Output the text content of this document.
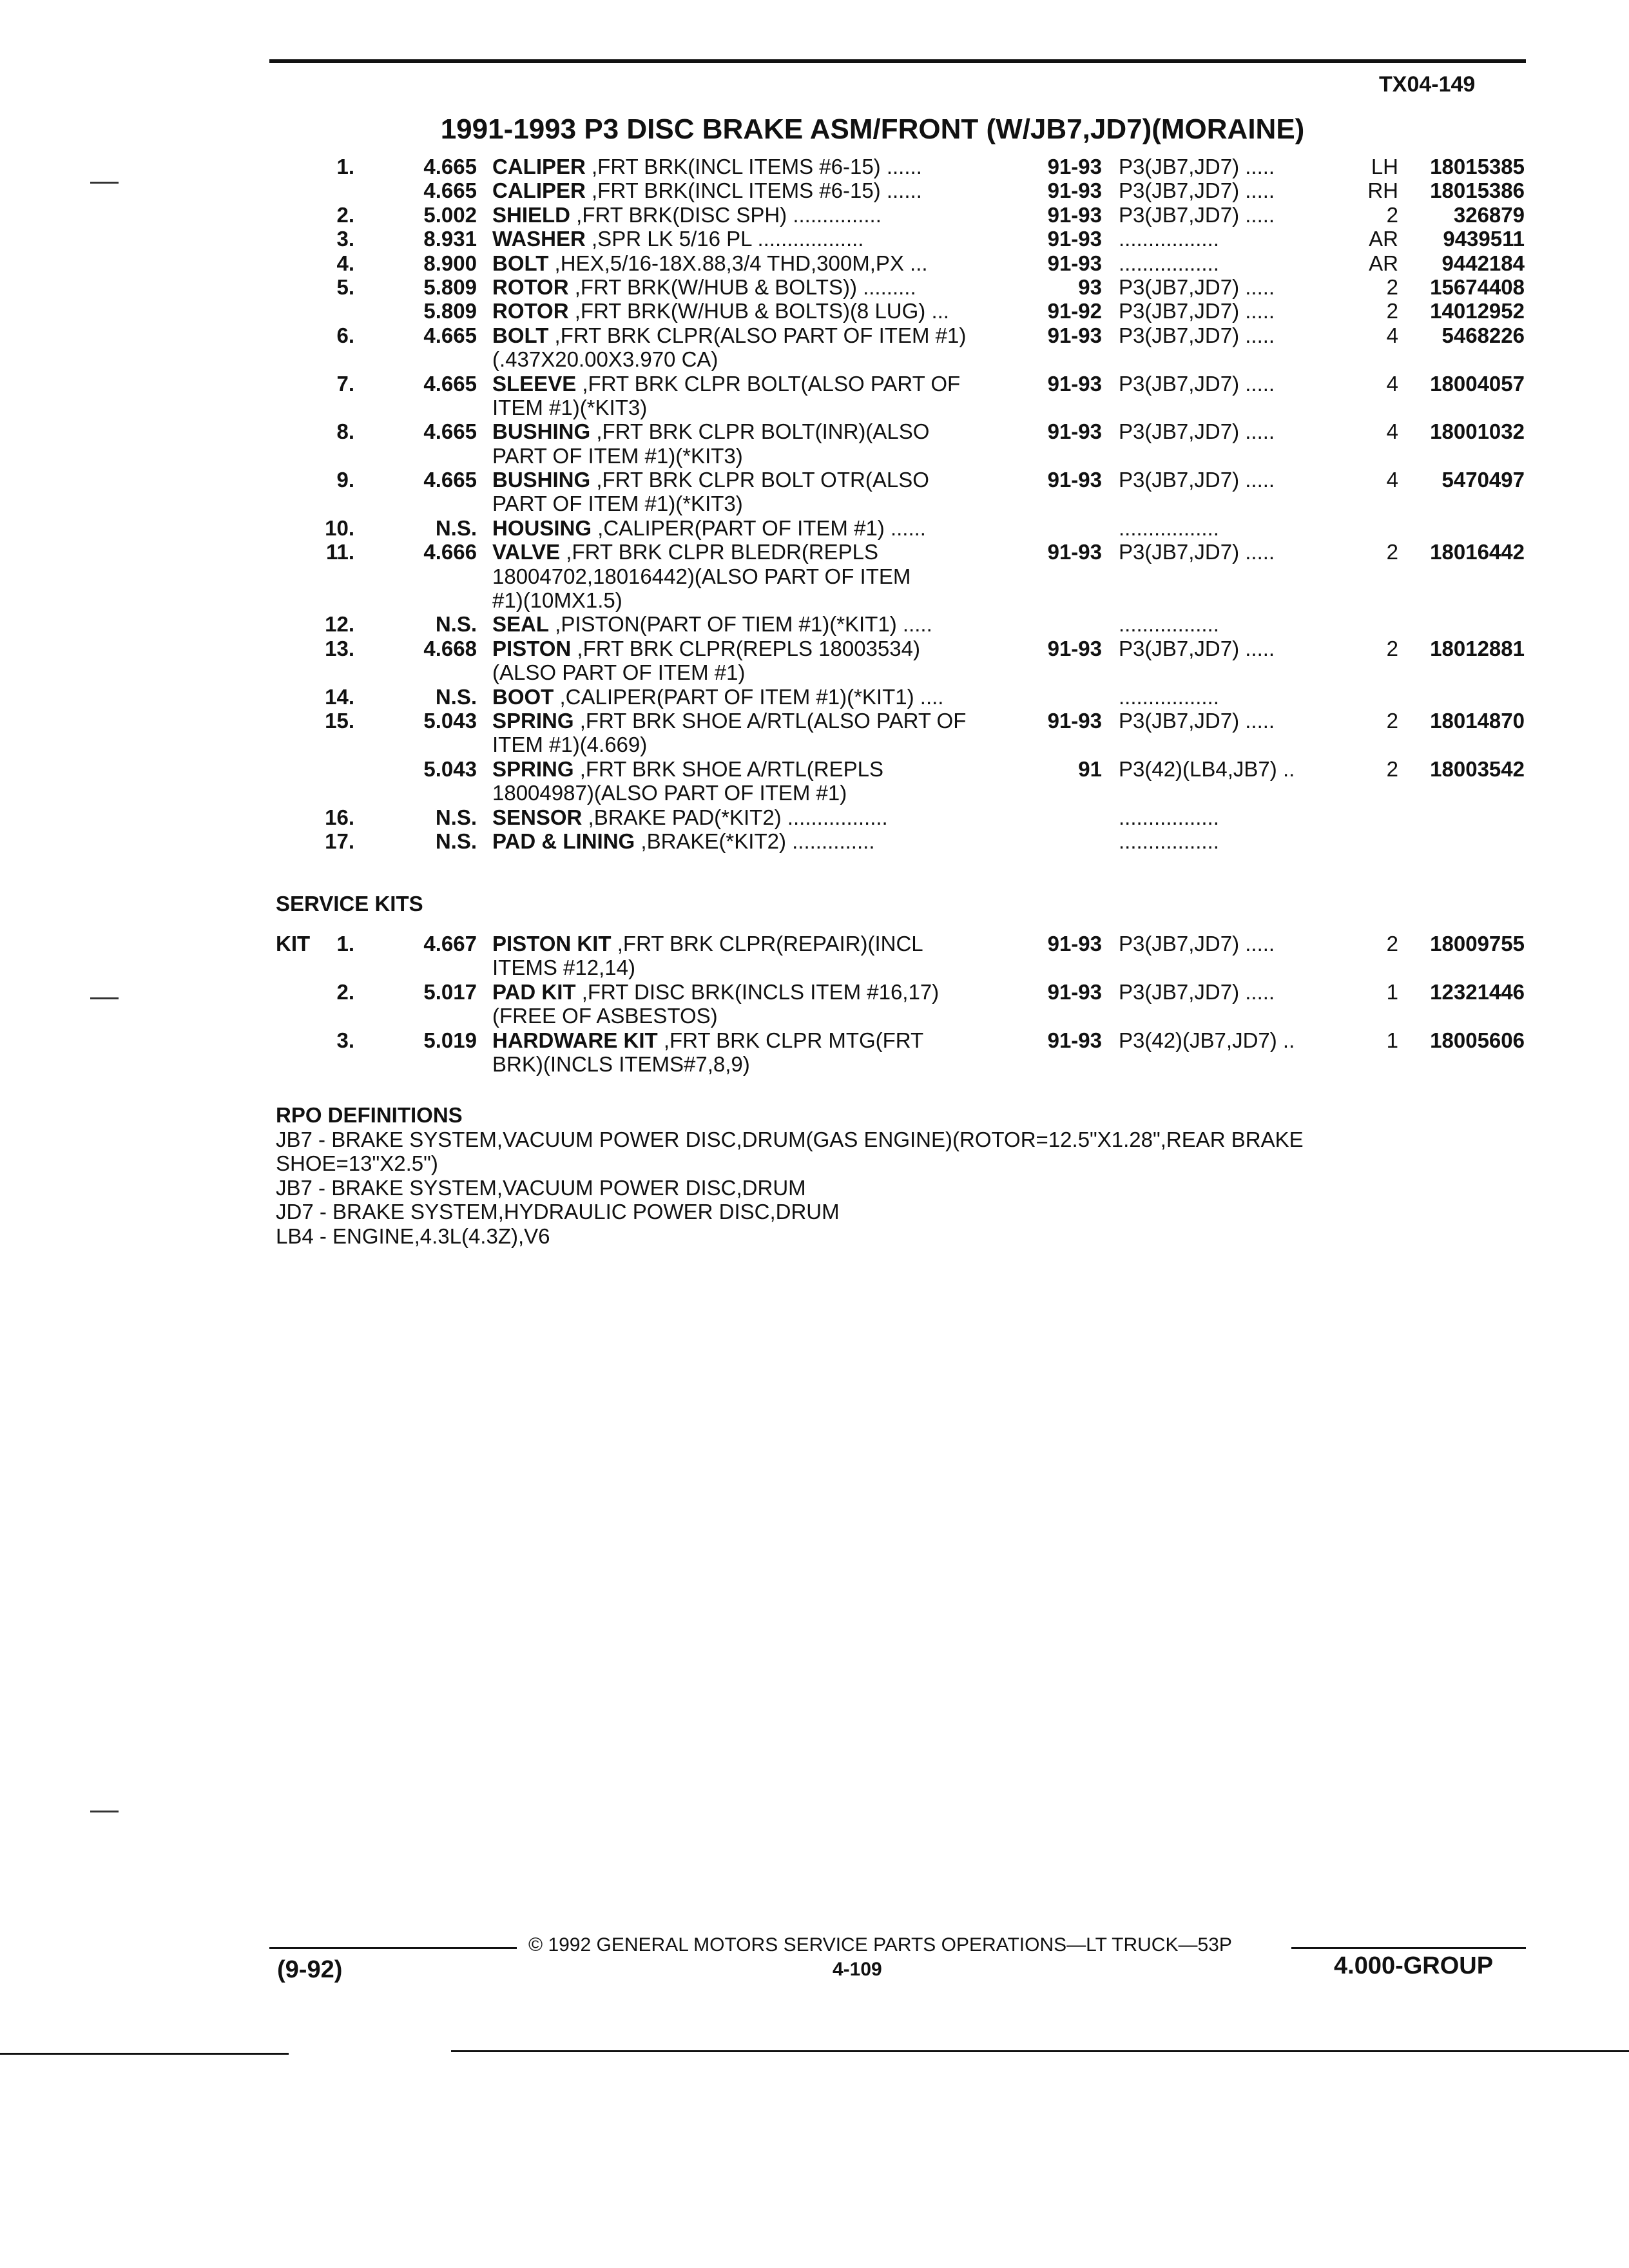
TX04-149
1991-1993 P3 DISC BRAKE ASM/FRONT (W/JB7,JD7)(MORAINE)
1.	4.665 CALIPER ,FRT BRK(INCL ITEMS #6-15) ......	91-93 P3(JB7,JD7) .....	LH	18015385
4.665 CALIPER ,FRT BRK(INCL ITEMS #6-15) ......	91-93 P3(JB7,JD7) .....	RH	18015386
2.	5.002 SHIELD ,FRT BRK(DISC SPH) ...............	91-93 P3(JB7,JD7) .....	2	326879
3.	8.931 WASHER ,SPR LK 5/16 PL ..................	91-93 .................	AR	9439511
4.	8.900 BOLT ,HEX,5/16-18X.88,3/4 THD,300M,PX ...	91-93 .................	AR	9442184
5.	5.809 ROTOR ,FRT BRK(W/HUB & BOLTS)) .........	93 P3(JB7,JD7) .....	2	15674408
5.809 ROTOR ,FRT BRK(W/HUB & BOLTS)(8 LUG) ...	91-92 P3(JB7,JD7) .....	2	14012952
6.	4.665 BOLT ,FRT BRK CLPR(ALSO PART OF ITEM #1)	91-93 P3(JB7,JD7) .....	4	5468226
(.437X20.00X3.970 CA)
7.	4.665 SLEEVE ,FRT BRK CLPR BOLT(ALSO PART OF	91-93 P3(JB7,JD7) .....	4	18004057
ITEM #1)(*KIT3)
8.	4.665 BUSHING ,FRT BRK CLPR BOLT(INR)(ALSO	91-93 P3(JB7,JD7) .....	4	18001032
PART OF ITEM #1)(*KIT3)
9.	4.665 BUSHING ,FRT BRK CLPR BOLT OTR(ALSO	91-93 P3(JB7,JD7) .....	4	5470497
PART OF ITEM #1)(*KIT3)
10.	N.S. HOUSING ,CALIPER(PART OF ITEM #1) ......	.................
11.	4.666 VALVE ,FRT BRK CLPR BLEDR(REPLS	91-93 P3(JB7,JD7) .....	2	18016442
18004702,18016442)(ALSO PART OF ITEM
#1)(10MX1.5)
12.	N.S. SEAL ,PISTON(PART OF TIEM #1)(*KIT1) .....	.................
13.	4.668 PISTON ,FRT BRK CLPR(REPLS 18003534)	91-93 P3(JB7,JD7) .....	2	18012881
(ALSO PART OF ITEM #1)
14.	N.S. BOOT ,CALIPER(PART OF ITEM #1)(*KIT1) ....	.................
15.	5.043 SPRING ,FRT BRK SHOE A/RTL(ALSO PART OF	91-93 P3(JB7,JD7) .....	2	18014870
ITEM #1)(4.669)
5.043 SPRING ,FRT BRK SHOE A/RTL(REPLS	91 P3(42)(LB4,JB7) ..	2	18003542
18004987)(ALSO PART OF ITEM #1)
16.	N.S. SENSOR ,BRAKE PAD(*KIT2) .................	.................
17.	N.S. PAD & LINING ,BRAKE(*KIT2) ..............	.................
SERVICE KITS
1.	4.667 PISTON KIT ,FRT BRK CLPR(REPAIR)(INCL	91-93 P3(JB7,JD7) .....	2	18009755
KIT
ITEMS #12,14)
2.	5.017 PAD KIT ,FRT DISC BRK(INCLS ITEM #16,17)	91-93 P3(JB7,JD7) .....	1	12321446
(FREE OF ASBESTOS)
3.	5.019 HARDWARE KIT ,FRT BRK CLPR MTG(FRT	91-93 P3(42)(JB7,JD7) ..	1	18005606
BRK)(INCLS ITEMS#7,8,9)
RPO DEFINITIONS
JB7 - BRAKE SYSTEM,VACUUM POWER DISC,DRUM(GAS ENGINE)(ROTOR=12.5"X1.28",REAR BRAKE
SHOE=13"X2.5")
JB7 - BRAKE SYSTEM,VACUUM POWER DISC,DRUM
JD7 - BRAKE SYSTEM,HYDRAULIC POWER DISC,DRUM
LB4 - ENGINE,4.3L(4.3Z),V6
© 1992 GENERAL MOTORS SERVICE PARTS OPERATIONS—LT TRUCK—53P
(9-92)	4-109	4.000-GROUP
